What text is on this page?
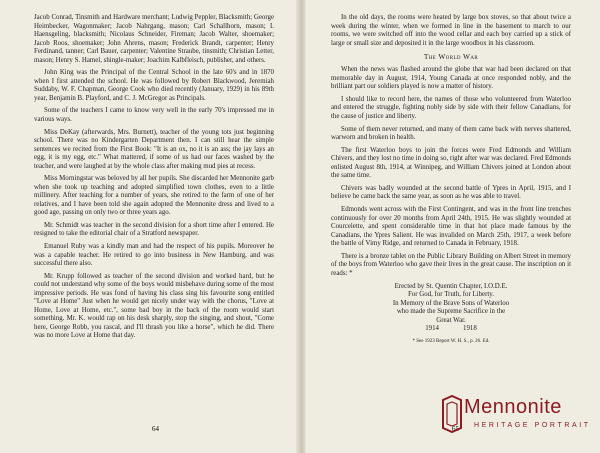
Jacob Conrad, Tinsmith and Hardware merchant; Ludwig Peppler, Blacksmith; George Heimbecker, Wagonmaker; Jacob Nahrgang, mason; Carl Schallhorn, mason; I. Haensgeling, blacksmith; Nicolaus Schneider, Fireman; Jacob Walter, shoemaker; Jacob Roos, shoemaker; John Ahrens, mason; Frederick Brandt, carpenter; Henry Ferdinand, tanner; Carl Bauer, carpenter; Valentine Straube, tinsmith; Christian Letter, mason; Henry S. Hamel, shingle-maker; Joachim Kalbfleisch, publisher, and others.

John King was the Principal of the Central School in the late 60's and in 1870 when I first attended the school. He was followed by Robert Blackwood, Jeremiah Suddaby, W. F. Chapman, George Cook who died recently (January, 1929) in his 89th year, Benjamin B. Playford, and C. J. McGregor as Principals.

Some of the teachers I came to know very well in the early 70's impressed me in various ways.

Miss DeKay (afterwards, Mrs. Burnett), teacher of the young tots just beginning school. There was no Kindergarten Department then. I can still hear the simple sentences we recited from the First Book: "It is an ox, no it is an ass; the jay lays an egg, it is my egg, etc." What mattered, if some of us had our faces washed by the teacher, and were laughed at by the whole class after making mud pies at recess.

Miss Morningstar was beloved by all her pupils. She discarded her Mennonite garb when she took up teaching and adopted simplified town clothes, even to a little millinery. After teaching for a number of years, she retired to the farm of one of her relatives, and I have been told she again adopted the Mennonite dress and lived to a good age, passing on only two or three years ago.

Mr. Schmidt was teacher in the second division for a short time after I entered. He resigned to take the editorial chair of a Stratford newspaper.

Emanuel Ruby was a kindly man and had the respect of his pupils. Moreover he was a capable teacher. He retired to go into business in New Hamburg, and was successful there also.

Mr. Krupp followed as teacher of the second division and worked hard, but he could not understand why some of the boys would misbehave during some of the most impressive periods. He was fond of having his class sing his favourite song entitled "Love at Home" Just when he would get nicely under way with the chorus, "Love at Home, Love at Home, etc.", some bad boy in the back of the room would start something. Mr. K. would rap on his desk sharply, stop the singing, and shout, "Come here, George Robb, you rascal, and I'll thrash you like a horse", which he did. There was no more Love at Home that day.

64

In the old days, the rooms were heated by large box stoves, so that about twice a week during the winter, when we formed in line in the basement to march to our rooms, we were switched off into the wood cellar and each boy carried up a stick of large or small size and deposited it in the large woodbox in his classroom.

The World War

When the news was flashed around the globe that war had been declared on that memorable day in August, 1914, Young Canada at once responded nobly, and the brilliant part our soldiers played is now a matter of history.

I should like to record here, the names of those who volunteered from Waterloo and entered the struggle, fighting nobly side by side with their fellow Canadians, for the cause of justice and liberty.

Some of them never returned, and many of them came back with nerves shattered, warworn and broken in health.

The first Waterloo boys to join the forces were Fred Edmonds and William Chivers, and they lost no time in doing so, right after war was declared. Fred Edmonds enlisted August 8th, 1914, at Winnipeg, and William Chivers joined at London about the same time.

Chivers was badly wounded at the second battle of Ypres in April, 1915, and I believe he came back the same year, as soon as he was able to travel.

Edmonds went across with the First Contingent, and was in the front line trenches continuously for over 20 months from April 24th, 1915. He was slightly wounded at Courcelette, and spent considerable time in that hot place made famous by the Canadians, the Ypres Salient. He was invalided on March 25th, 1917, a week before the battle of Vimy Ridge, and returned to Canada in February, 1918.

There is a bronze tablet on the Public Library Building on Albert Street in memory of the boys from Waterloo who gave their lives in the great cause. The inscription on it reads: *

Erected by St. Quentin Chapter, I.O.D.E.
For God, for Truth, for Liberty.
In Memory of the Brave Sons of Waterloo
who made the Supreme Sacrifice in the
Great War.
1914	1918
* See 1923 Report W. H. S., p. 26. Ed.
65
Mennonite
HERITAGE PORTRAIT
